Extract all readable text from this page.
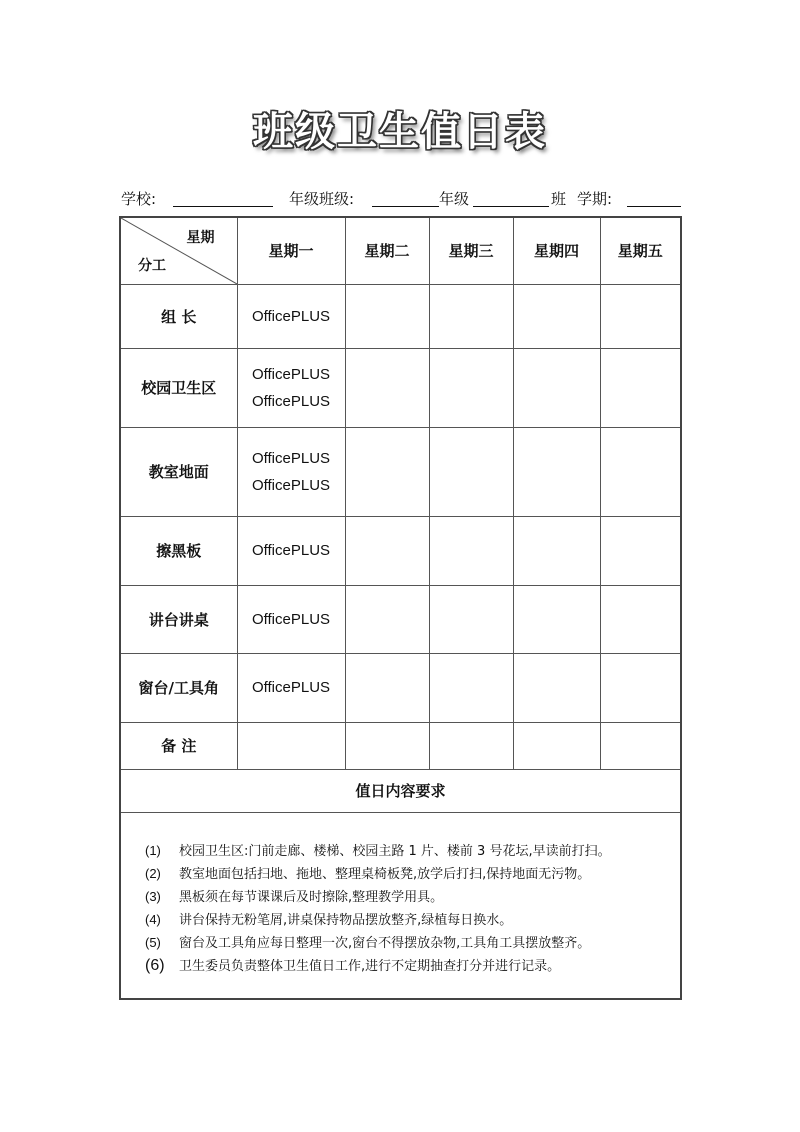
班级卫生值日表
学校:	年级班级:	年级	班 学期:
星期
分工	星期一	星期二	星期三	星期四	星期五
组 长	OfficePLUS				

校园卫生区	OfficePLUS
OfficePLUS				

教室地面	OfficePLUS
OfficePLUS				

擦黑板	OfficePLUS				

讲台讲桌	OfficePLUS				

窗台/工具角	OfficePLUS				

备 注					
值日内容要求
(1) 校园卫生区:门前走廊、楼梯、校园主路 1 片、楼前 3 号花坛,早读前打扫。
(2) 教室地面包括扫地、拖地、整理桌椅板凳,放学后打扫,保持地面无污物。
(3) 黑板须在每节课课后及时擦除,整理教学用具。
(4) 讲台保持无粉笔屑,讲桌保持物品摆放整齐,绿植每日换水。
(5) 窗台及工具角应每日整理一次,窗台不得摆放杂物,工具角工具摆放整齐。
(6) 卫生委员负责整体卫生值日工作,进行不定期抽查打分并进行记录。
